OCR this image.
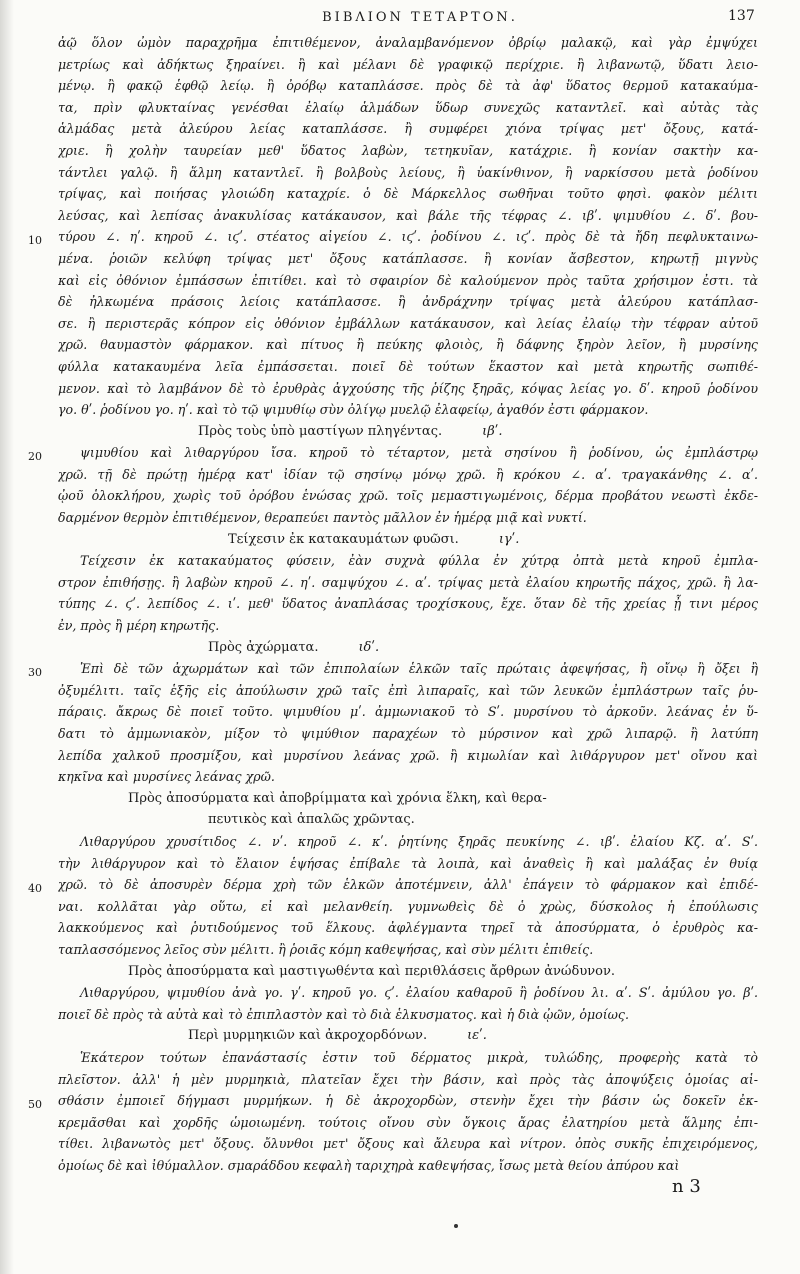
ΒΙΒΛΙΟΝ ΤΕΤΑΡΤΟΝ.	137
10
20
30
40
50
ἀῷ ὅλον ὠμὸν παραχρῆμα ἐπιτιθέμενον, ἀναλαμβανόμενον ὀβρίῳ μαλακῷ, καὶ γὰρ ἐμψύχει
μετρίως καὶ ἀδήκτως ξηραίνει. ἢ καὶ μέλανι δὲ γραφικῷ περίχριε. ἢ λιβανωτῷ, ὕδατι λειο-
μένῳ. ἢ φακῷ ἑφθῷ λείῳ. ἢ ὀρόβῳ καταπλάσσε. πρὸς δὲ τὰ ἀφ' ὕδατος θερμοῦ κατακαύμα-
τα, πρὶν φλυκταίνας γενέσθαι ἐλαίῳ ἁλμάδων ὕδωρ συνεχῶς καταντλεῖ. καὶ αὐτὰς τὰς
ἁλμάδας μετὰ ἀλεύρου λείας καταπλάσσε. ἢ συμφέρει χιόνα τρίψας μετ' ὄξους, κατά-
χριε. ἢ χολὴν ταυρείαν μεθ' ὕδατος λαβὼν, τετηκυῖαν, κατάχριε. ἢ κονίαν σακτὴν κα-
τάντλει γαλῷ. ἢ ἅλμη καταντλεῖ. ἢ βολβοὺς λείους, ἢ ὑακίνθινον, ἢ ναρκίσσου μετὰ ῥοδίνου
τρίψας, καὶ ποιήσας γλοιώδη καταχρίε. ὁ δὲ Μάρκελλος σωθῆναι τοῦτο φησὶ. φακὸν μέλιτι
λεύσας, καὶ λεπίσας ἀνακυλίσας κατάκαυσον, καὶ βάλε τῆς τέφρας ∠. ιβʹ. ψιμυθίου ∠. δʹ. βου-
τύρου ∠. ηʹ. κηροῦ ∠. ιϛʹ. στέατος αἰγείου ∠. ιϛʹ. ῥοδίνου ∠. ιϛʹ. πρὸς δὲ τὰ ἤδη πεφλυκταινω-
μένα. ῥοιῶν κελύφη τρίψας μετ' ὄξους κατάπλασσε. ἢ κονίαν ἄσβεστον, κηρωτῇ μιγνὺς
καὶ εἰς ὀθόνιον ἐμπάσσων ἐπιτίθει. καὶ τὸ σφαιρίον δὲ καλούμενον πρὸς ταῦτα χρήσιμον ἐστι. τὰ
δὲ ἠλκωμένα πράσοις λείοις κατάπλασσε. ἢ ἀνδράχνην τρίψας μετὰ ἀλεύρου κατάπλασ-
σε. ἢ περιστερᾶς κόπρον εἰς ὀθόνιον ἐμβάλλων κατάκαυσον, καὶ λείας ἐλαίῳ τὴν τέφραν αὐτοῦ
χρῶ. θαυμαστὸν φάρμακον. καὶ πίτυος ἢ πεύκης φλοιὸς, ἢ δάφνης ξηρὸν λεῖον, ἢ μυρσίνης
φύλλα κατακαυμένα λεῖα ἐμπάσσεται. ποιεῖ δὲ τούτων ἕκαστον καὶ μετὰ κηρωτῆς σωπιθέ-
μενον. καὶ τὸ λαμβάνον δὲ τὸ ἐρυθρὰς ἀγχούσης τῆς ῥίζης ξηρᾶς, κόψας λείας γο. δʹ. κηροῦ ῥοδίνου
γο. θʹ. ῥοδίνου γο. ηʹ. καὶ τὸ τῷ ψιμυθίῳ σὺν ὀλίγῳ μυελῷ ἐλαφείῳ, ἀγαθόν ἐστι φάρμακον.
Πρὸς τοὺς ὑπὸ μαστίγων πληγέντας.	ιβʹ.
ψιμυθίου καὶ λιθαργύρου ἴσα. κηροῦ τὸ τέταρτον, μετὰ σησίνου ἢ ῥοδίνου, ὡς ἐμπλάστρῳ
χρῶ. τῇ δὲ πρώτῃ ἡμέρᾳ κατ' ἰδίαν τῷ σησίνῳ μόνῳ χρῶ. ἢ κρόκου ∠. αʹ. τραγακάνθης ∠. αʹ.
ᾠοῦ ὁλοκλήρου, χωρὶς τοῦ ὀρόβου ἑνώσας χρῶ. τοῖς μεμαστιγωμένοις, δέρμα προβάτου νεωστὶ ἐκδε-
δαρμένον θερμὸν ἐπιτιθέμενον, θεραπεύει παντὸς μᾶλλον ἐν ἡμέρᾳ μιᾷ καὶ νυκτί.
Τείχεσιν ἐκ κατακαυμάτων φυῶσι.	ιγʹ.
Τείχεσιν ἐκ κατακαύματος φύσειν, ἐὰν συχνὰ φύλλα ἐν χύτρᾳ ὀπτὰ μετὰ κηροῦ ἐμπλα-
στρον ἐπιθήσῃς. ἢ λαβὼν κηροῦ ∠. ηʹ. σαμψύχου ∠. αʹ. τρίψας μετὰ ἐλαίου κηρωτῆς πάχος, χρῶ. ἢ λα-
τύπης ∠. ϛʹ. λεπίδος ∠. ιʹ. μεθ' ὕδατος ἀναπλάσας τροχίσκους, ἔχε. ὅταν δὲ τῆς χρείας ᾖ τινι μέρος
ἐν, πρὸς ἢ μέρη κηρωτῆς.
Πρὸς ἀχώρματα.	ιδʹ.
Ἐπὶ δὲ τῶν ἀχωρμάτων καὶ τῶν ἐπιπολαίων ἑλκῶν ταῖς πρώταις ἀφεψήσας, ἢ οἴνῳ ἢ ὄξει ἢ
ὀξυμέλιτι. ταῖς ἑξῆς εἰς ἀπούλωσιν χρῶ ταῖς ἐπὶ λιπαραῖς, καὶ τῶν λευκῶν ἐμπλάστρων ταῖς ῥυ-
πάραις. ἄκρως δὲ ποιεῖ τοῦτο. ψιμυθίου μʹ. ἀμμωνιακοῦ τὸ Sʹ. μυρσίνου τὸ ἀρκοῦν. λεάνας ἐν ὕ-
δατι τὸ ἀμμωνιακὸν, μίξον τὸ ψιμύθιον παραχέων τὸ μύρσινον καὶ χρῶ λιπαρῷ. ἢ λατύπη
λεπίδα χαλκοῦ προσμίξου, καὶ μυρσίνου λεάνας χρῶ. ἢ κιμωλίαν καὶ λιθάργυρον μετ' οἴνου καὶ
κηκῖνα καὶ μυρσίνες λεάνας χρῶ.
Πρὸς ἀποσύρματα καὶ ἀποβρίμματα καὶ χρόνια ἕλκη, καὶ θερα-
πευτικὸς καὶ ἁπαλῶς χρῶντας.
Λιθαργύρου χρυσίτιδος ∠. νʹ. κηροῦ ∠. κʹ. ῥητίνης ξηρᾶς πευκίνης ∠. ιβʹ. ἐλαίου Κζ. αʹ. Sʹ.
τὴν λιθάργυρον καὶ τὸ ἔλαιον ἑψήσας ἐπίβαλε τὰ λοιπὰ, καὶ ἀναθεὶς ἢ καὶ μαλάξας ἐν θυίᾳ
χρῶ. τὸ δὲ ἀποσυρὲν δέρμα χρὴ τῶν ἑλκῶν ἀποτέμνειν, ἀλλ' ἐπάγειν τὸ φάρμακον καὶ ἐπιδέ-
ναι. κολλᾶται γὰρ οὕτω, εἰ καὶ μελανθείη. γυμνωθεὶς δὲ ὁ χρὼς, δύσκολος ἡ ἐπούλωσις
λακκούμενος καὶ ῥυτιδούμενος τοῦ ἕλκους. ἀφλέγμαντα τηρεῖ τὰ ἀποσύρματα, ὁ ἐρυθρὸς κα-
ταπλασσόμενος λεῖος σὺν μέλιτι. ἢ ῥοιᾶς κόμη καθεψήσας, καὶ σὺν μέλιτι ἐπιθείς.
Πρὸς ἀποσύρματα καὶ μαστιγωθέντα καὶ περιθλάσεις ἄρθρων ἀνώδυνον.
Λιθαργύρου, ψιμυθίου ἀνὰ γο. γʹ. κηροῦ γο. ϛʹ. ἐλαίου καθαροῦ ἢ ῥοδίνου λι. αʹ. Sʹ. ἀμύλου γο. βʹ.
ποιεῖ δὲ πρὸς τὰ αὐτὰ καὶ τὸ ἐπιπλαστὸν καὶ τὸ διὰ ἑλκυσματος. καὶ ἡ διὰ ᾠῶν, ὁμοίως.
Περὶ μυρμηκιῶν καὶ ἀκροχορδόνων.	ιεʹ.
Ἑκάτερον τούτων ἐπανάστασίς ἐστιν τοῦ δέρματος μικρὰ, τυλώδης, προφερὴς κατὰ τὸ
πλεῖστον. ἀλλ' ἡ μὲν μυρμηκιὰ, πλατεῖαν ἔχει τὴν βάσιν, καὶ πρὸς τὰς ἀποψύξεις ὁμοίας αἱ-
σθάσιν ἐμποιεῖ δήγμασι μυρμήκων. ἡ δὲ ἀκροχορδὼν, στενὴν ἔχει τὴν βάσιν ὡς δοκεῖν ἐκ-
κρεμᾶσθαι καὶ χορδῆς ὡμοιωμένη. τούτοις οἴνου σὺν ὄγκοις ἄρας ἐλατηρίου μετὰ ἅλμης ἐπι-
τίθει. λιβανωτὸς μετ' ὄξους. ὄλυνθοι μετ' ὄξους καὶ ἄλευρα καὶ νίτρον. ὀπὸς συκῆς ἐπιχειρόμενος,
ὁμοίως δὲ καὶ ἰθύμαλλον. σμαράδδου κεφαλὴ ταριχηρὰ καθεψήσας, ἴσως μετὰ θείου ἀπύρου καὶ
n 3
